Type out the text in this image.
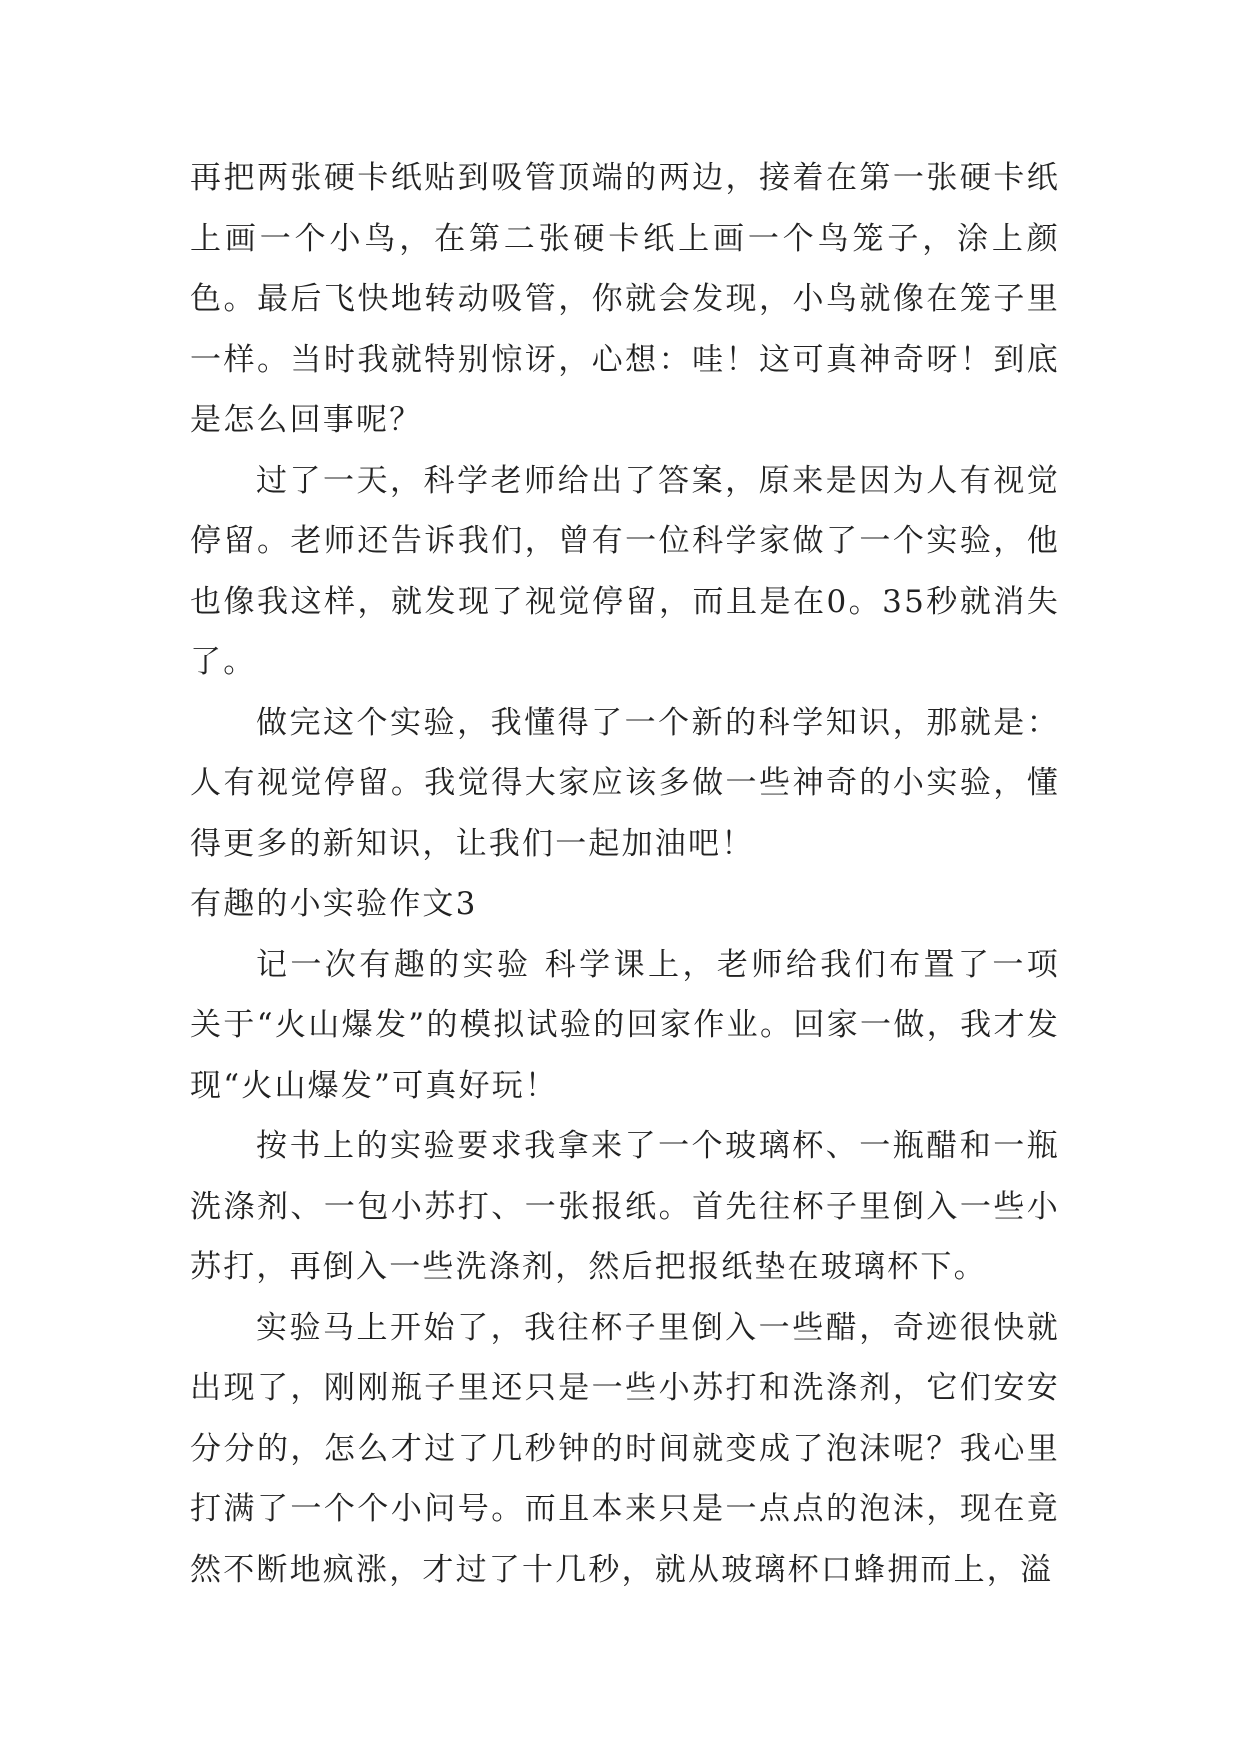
再把两张硬卡纸贴到吸管顶端的两边，接着在第一张硬卡纸上画一个小鸟，在第二张硬卡纸上画一个鸟笼子，涂上颜色。最后飞快地转动吸管，你就会发现，小鸟就像在笼子里一样。当时我就特别惊讶，心想：哇！这可真神奇呀！到底是怎么回事呢？

过了一天，科学老师给出了答案，原来是因为人有视觉停留。老师还告诉我们，曾有一位科学家做了一个实验，他也像我这样，就发现了视觉停留，而且是在0。35秒就消失了。

做完这个实验，我懂得了一个新的科学知识，那就是：人有视觉停留。我觉得大家应该多做一些神奇的小实验，懂得更多的新知识，让我们一起加油吧！

有趣的小实验作文3

记一次有趣的实验 科学课上，老师给我们布置了一项关于“火山爆发”的模拟试验的回家作业。回家一做，我才发现“火山爆发”可真好玩！

按书上的实验要求我拿来了一个玻璃杯、一瓶醋和一瓶洗涤剂、一包小苏打、一张报纸。首先往杯子里倒入一些小苏打，再倒入一些洗涤剂，然后把报纸垫在玻璃杯下。

实验马上开始了，我往杯子里倒入一些醋，奇迹很快就出现了，刚刚瓶子里还只是一些小苏打和洗涤剂，它们安安分分的，怎么才过了几秒钟的时间就变成了泡沫呢？我心里打满了一个个小问号。而且本来只是一点点的泡沫，现在竟然不断地疯涨，才过了十几秒，就从玻璃杯口蜂拥而上，溢
